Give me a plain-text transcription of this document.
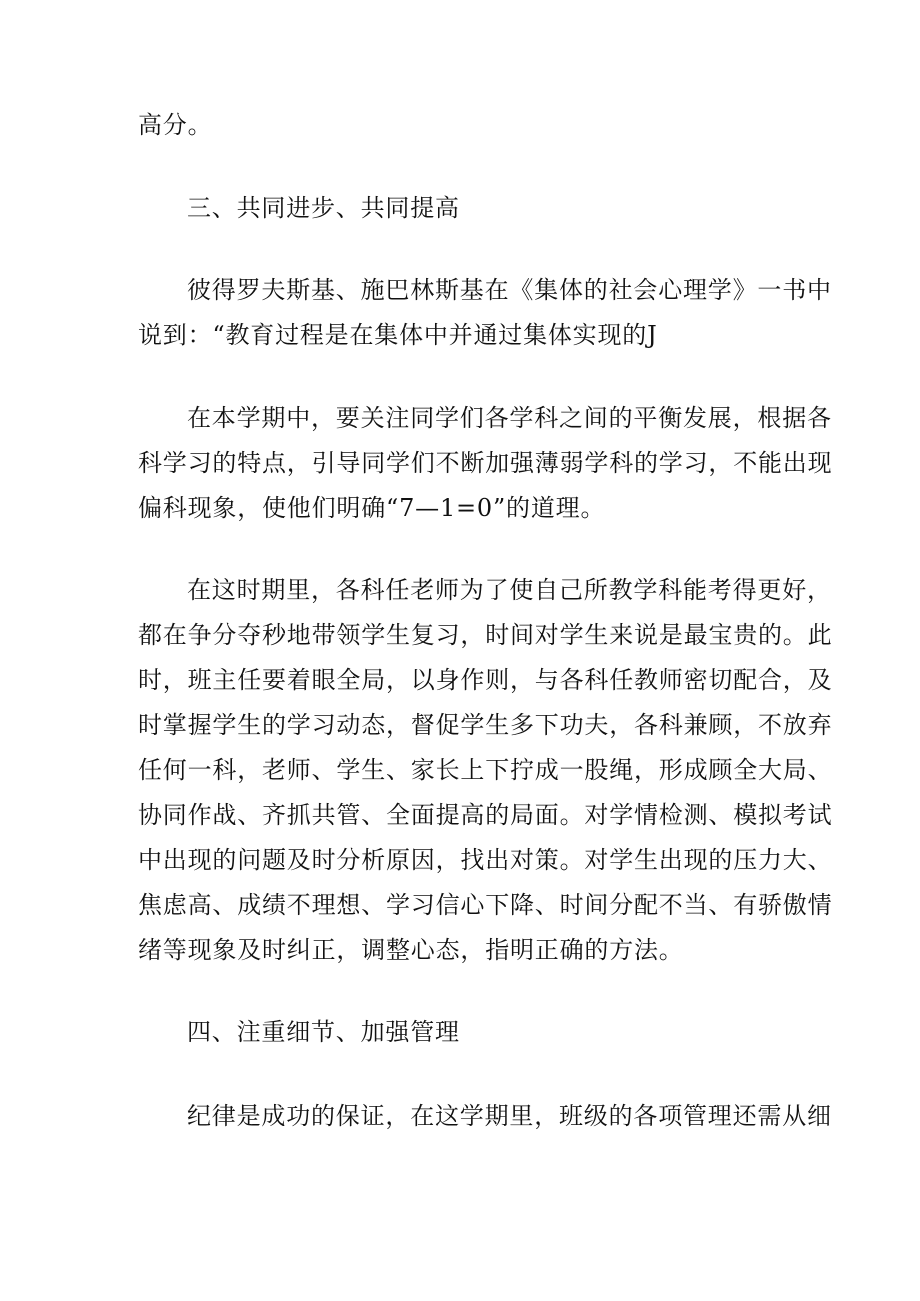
高分。
三、共同进步、共同提高
彼得罗夫斯基、施巴林斯基在《集体的社会心理学》一书中
说到：“教育过程是在集体中并通过集体实现的J
在本学期中，要关注同学们各学科之间的平衡发展，根据各
科学习的特点，引导同学们不断加强薄弱学科的学习，不能出现
偏科现象，使他们明确“7—1=0”的道理。
在这时期里，各科任老师为了使自己所教学科能考得更好，
都在争分夺秒地带领学生复习，时间对学生来说是最宝贵的。此
时，班主任要着眼全局，以身作则，与各科任教师密切配合，及
时掌握学生的学习动态，督促学生多下功夫，各科兼顾，不放弃
任何一科，老师、学生、家长上下拧成一股绳，形成顾全大局、
协同作战、齐抓共管、全面提高的局面。对学情检测、模拟考试
中出现的问题及时分析原因，找出对策。对学生出现的压力大、
焦虑高、成绩不理想、学习信心下降、时间分配不当、有骄傲情
绪等现象及时纠正，调整心态，指明正确的方法。
四、注重细节、加强管理
纪律是成功的保证，在这学期里，班级的各项管理还需从细
